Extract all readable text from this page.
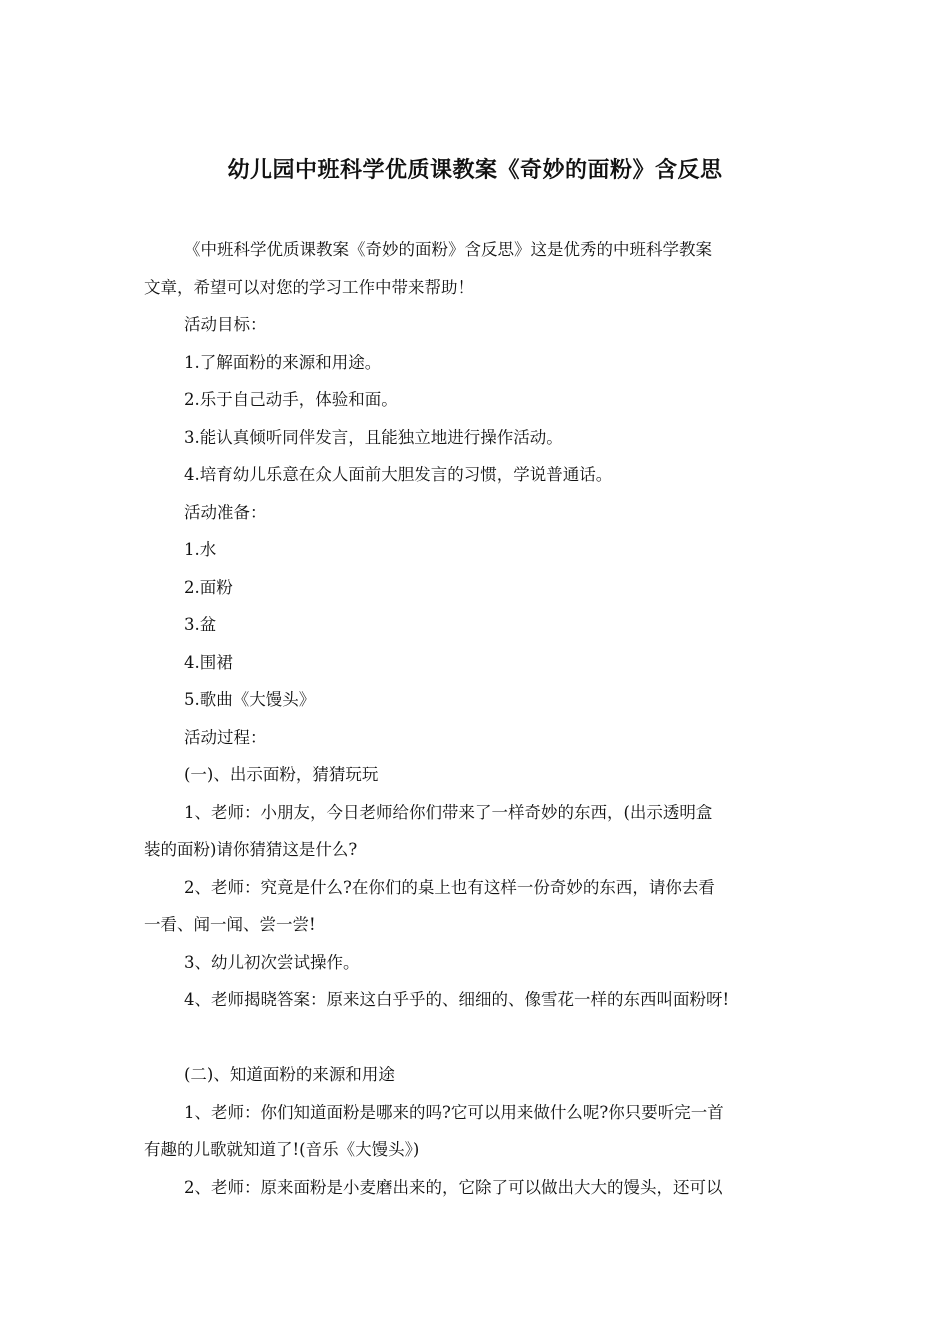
幼儿园中班科学优质课教案《奇妙的面粉》含反思

《中班科学优质课教案《奇妙的面粉》含反思》这是优秀的中班科学教案

文章，希望可以对您的学习工作中带来帮助！

活动目标：

1.了解面粉的来源和用途。

2.乐于自己动手，体验和面。

3.能认真倾听同伴发言，且能独立地进行操作活动。

4.培育幼儿乐意在众人面前大胆发言的习惯，学说普通话。

活动准备：

1.水

2.面粉

3.盆

4.围裙

5.歌曲《大馒头》

活动过程：

(一)、出示面粉，猜猜玩玩

1、老师：小朋友，今日老师给你们带来了一样奇妙的东西，(出示透明盒

装的面粉)请你猜猜这是什么?

2、老师：究竟是什么?在你们的桌上也有这样一份奇妙的东西，请你去看

一看、闻一闻、尝一尝!

3、幼儿初次尝试操作。

4、老师揭晓答案：原来这白乎乎的、细细的、像雪花一样的东西叫面粉呀!

(二)、知道面粉的来源和用途

1、老师：你们知道面粉是哪来的吗?它可以用来做什么呢?你只要听完一首

有趣的儿歌就知道了!(音乐《大馒头》)

2、老师：原来面粉是小麦磨出来的，它除了可以做出大大的馒头，还可以
